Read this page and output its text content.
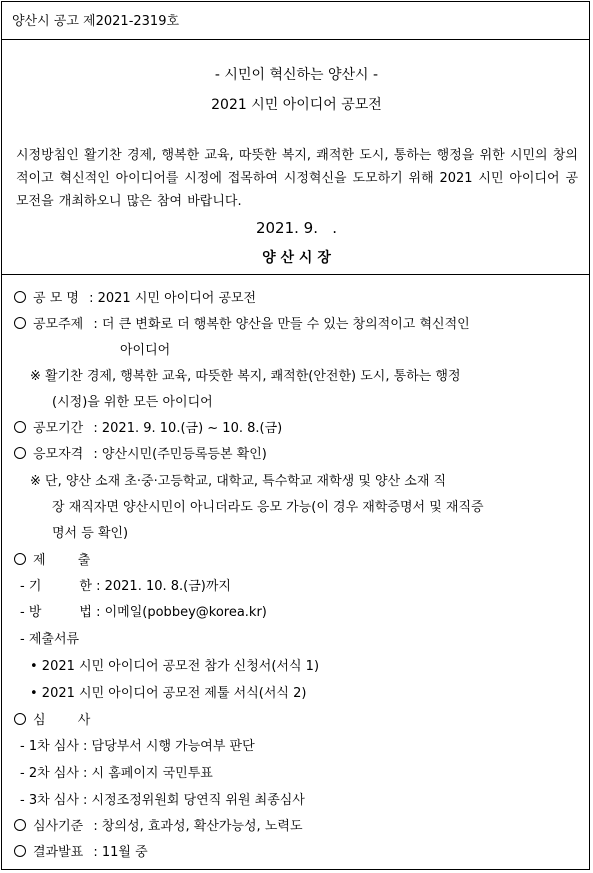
양산시 공고 제2021-2319호
- 시민이 혁신하는 양산시 -
2021 시민 아이디어 공모전
시정방침인 활기찬 경제, 행복한 교육, 따뜻한 복지, 쾌적한 도시, 통하는 행정을 위한 시민의 창의적이고 혁신적인 아이디어를 시정에 접목하여 시정혁신을 도모하기 위해 2021 시민 아이디어 공모전을 개최하오니 많은 참여 바랍니다.
2021. 9.   .
양 산 시 장
공 모 명 : 2021 시민 아이디어 공모전
공모주제 : 더 큰 변화로 더 행복한 양산을 만들 수 있는 창의적이고 혁신적인
아이디어
※ 활기찬 경제, 행복한 교육, 따뜻한 복지, 쾌적한(안전한) 도시, 통하는 행정
(시정)을 위한 모든 아이디어
공모기간 : 2021. 9. 10.(금) ~ 10. 8.(금)
응모자격 : 양산시민(주민등록등본 확인)
※ 단, 양산 소재 초·중·고등학교, 대학교, 특수학교 재학생 및 양산 소재 직
장 재직자면 양산시민이 아니더라도 응모 가능(이 경우 재학증명서 및 재직증
명서 등 확인)
제 출
- 기	한 : 2021. 10. 8.(금)까지
- 방	법 : 이메일(pobbey@korea.kr)
- 제출서류
• 2021 시민 아이디어 공모전 참가 신청서(서식 1)
• 2021 시민 아이디어 공모전 제툴 서식(서식 2)
심 사
- 1차 심사 : 담당부서 시행 가능여부 판단
- 2차 심사 : 시 홈페이지 국민투표
- 3차 심사 : 시정조정위원회 당연직 위원 최종심사
심사기준 : 창의성, 효과성, 확산가능성, 노력도
결과발표 : 11월 중
